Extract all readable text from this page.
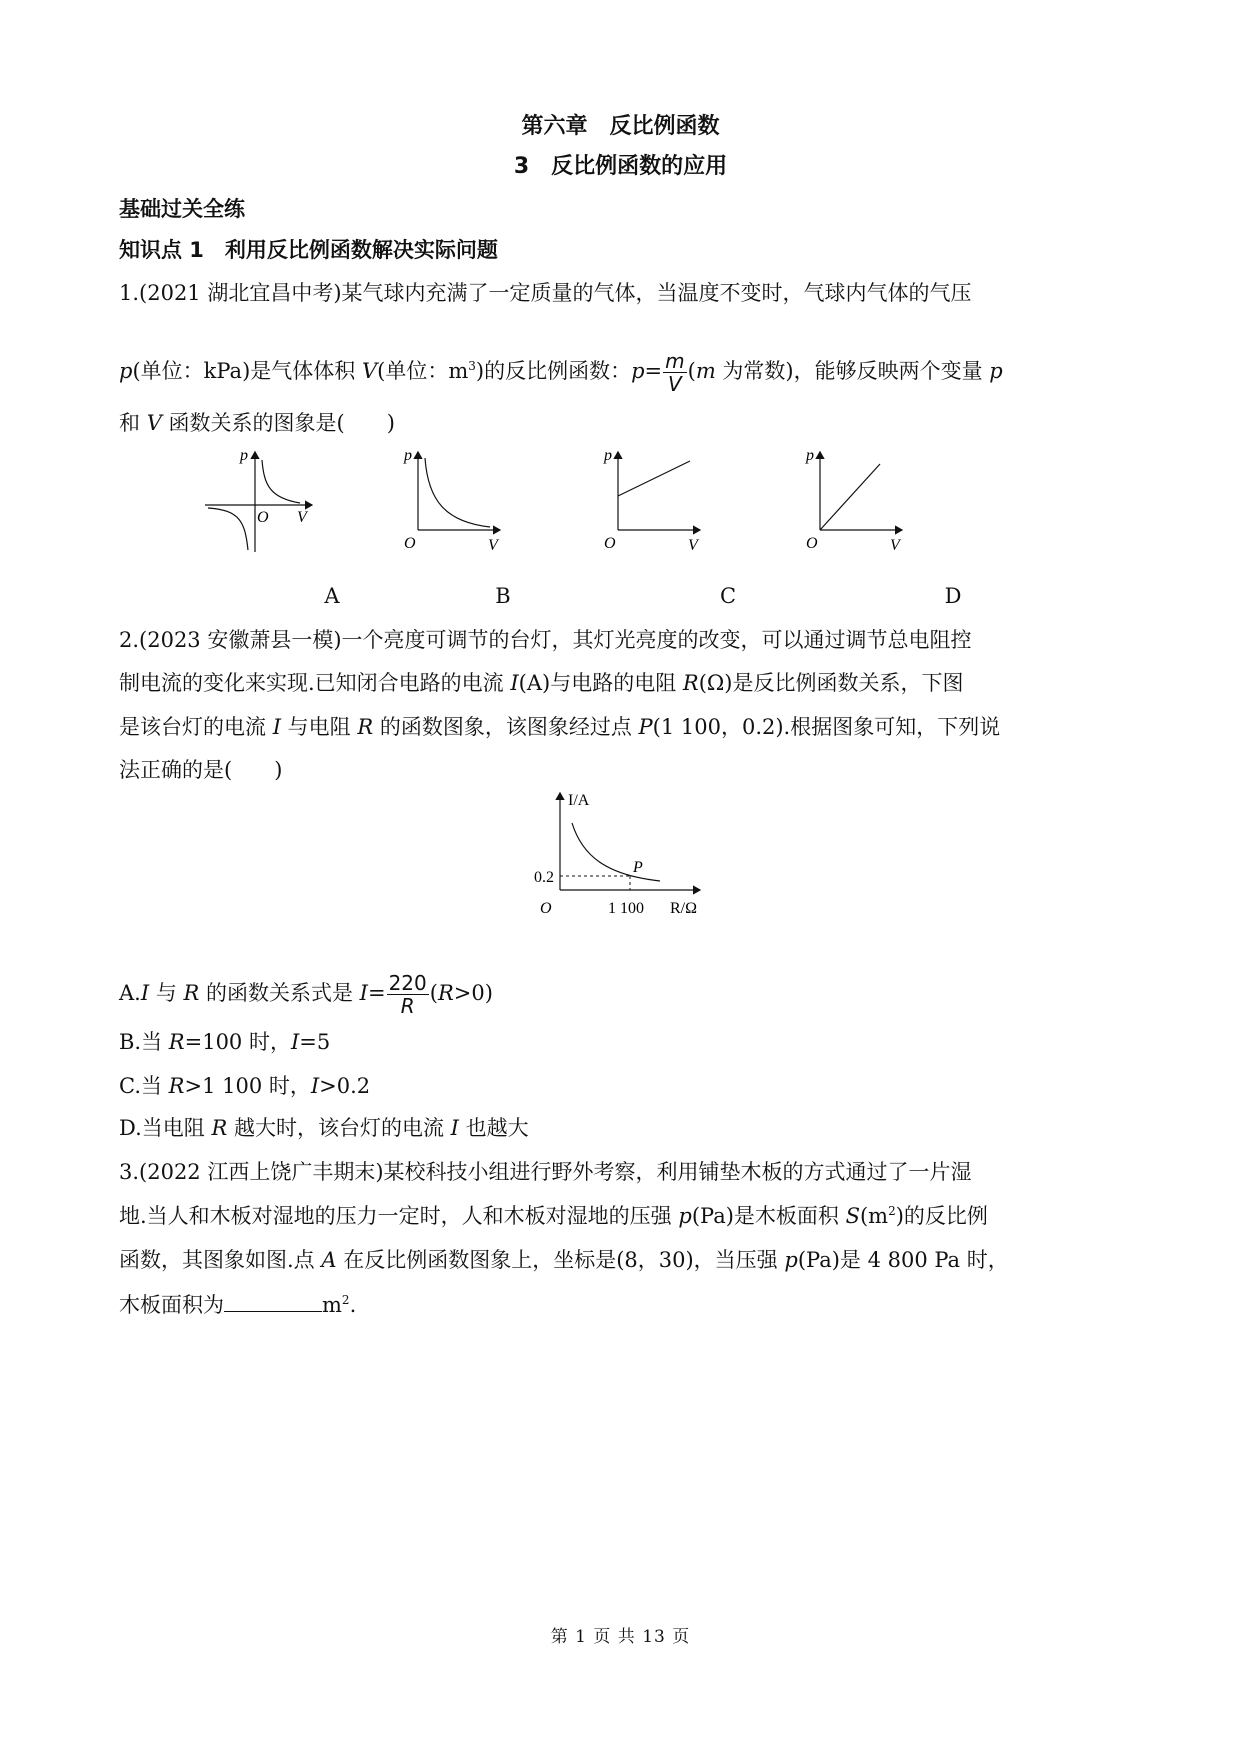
第六章　反比例函数
3　反比例函数的应用
基础过关全练
知识点 1　利用反比例函数解决实际问题
1.(2021 湖北宜昌中考)某气球内充满了一定质量的气体，当温度不变时，气球内气体的气压
p(单位：kPa)是气体体积 V(单位：$m^3$)的反比例函数：$p= \frac{m}{V} (m$ 为常数)，能够反映两个变量 p
和 V 函数关系的图象是(　　)
p
O V
p
O	V
p
O	V
p
O	V
A	B	C	D
2.(2023 安徽萧县一模)一个亮度可调节的台灯，其灯光亮度的改变，可以通过调节总电阻控
制电流的变化来实现.已知闭合电路的电流 I(A)与电路的电阻 R(Ω)是反比例函数关系，下图
是该台灯的电流 I 与电阻 R 的函数图象，该图象经过点 P(1 100，0.2).根据图象可知，下列说
法正确的是(　　)
I/A
P
0.2
O	1 100 R/Ω
A.I 与 R 的函数关系式是 $I= \frac{220}{R} (R>0)$
B.当 R=100 时，I=5
C.当 R>1 100 时，I>0.2
D.当电阻 R 越大时，该台灯的电流 I 也越大
3.(2022 江西上饶广丰期末)某校科技小组进行野外考察，利用铺垫木板的方式通过了一片湿
地.当人和木板对湿地的压力一定时，人和木板对湿地的压强 p(Pa)是木板面积 $S(m^2)$的反比例
函数，其图象如图.点 A 在反比例函数图象上，坐标是(8，30)，当压强 p(Pa)是 4 800 Pa 时，
木板面积为	$m^2$.
第 1 页 共 13 页
